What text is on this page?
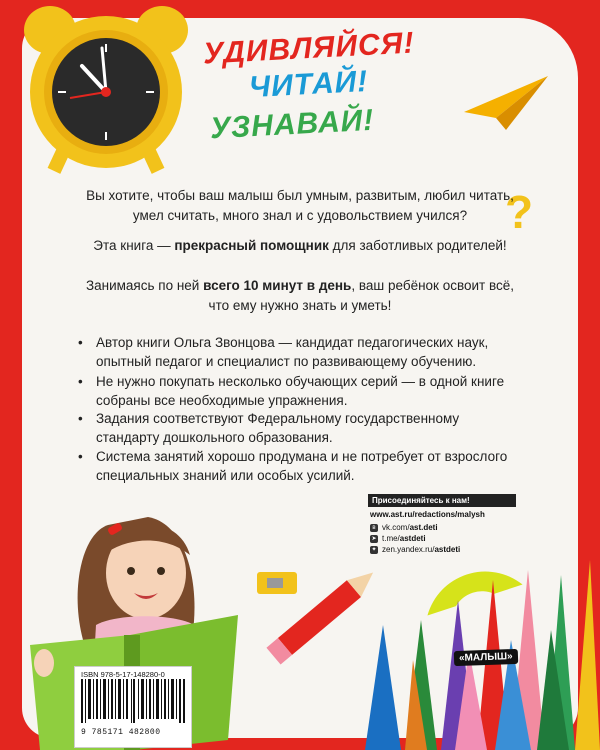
УДИВЛЯЙСЯ!
ЧИТАЙ!
УЗНАВАЙ!
?
Вы хотите, чтобы ваш малыш был умным, развитым, любил читать, умел считать, много знал и с удовольствием учился?
Эта книга — прекрасный помощник для заботливых родителей!
Занимаясь по ней всего 10 минут в день, ваш ребёнок освоит всё, что ему нужно знать и уметь!
• Автор книги Ольга Звонцова — кандидат педагогических наук, опытный педагог и специалист по развивающему обучению.
• Не нужно покупать несколько обучающих серий — в одной книге собраны все необходимые упражнения.
• Задания соответствуют Федеральному государственному стандарту дошкольного образования.
• Система занятий хорошо продумана и не потребует от взрослого специальных знаний или особых усилий.
Присоединяйтесь к нам!
www.ast.ru/redactions/malysh
в vk.com/ ast.deti
➤ t.me/ astdeti
✦ zen.yandex.ru/ astdeti
«МАЛЫШ»
ISBN 978-5-17-148280-0
9 785171 482800
